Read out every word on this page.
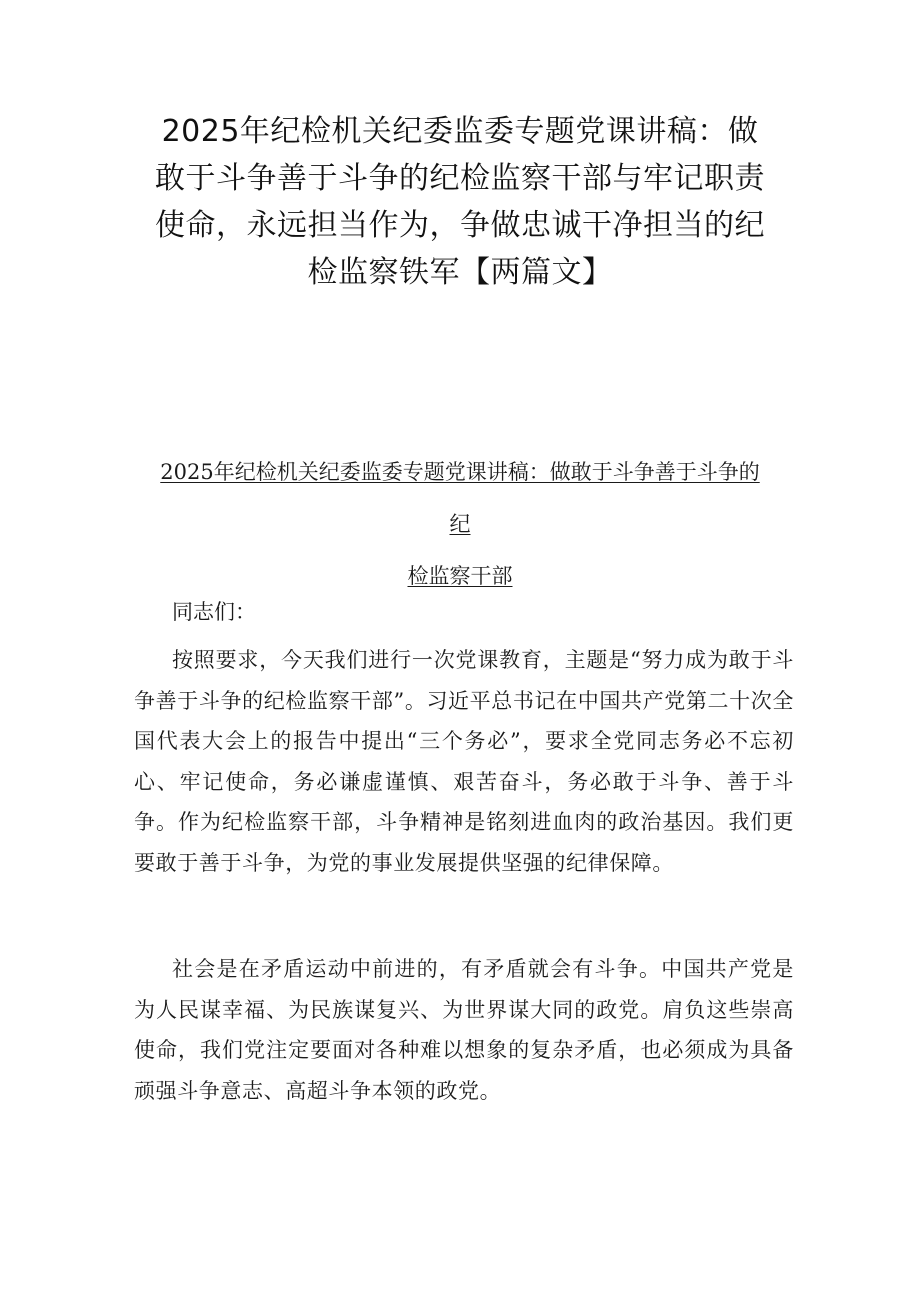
2025年纪检机关纪委监委专题党课讲稿：做敢于斗争善于斗争的纪检监察干部与牢记职责使命，永远担当作为，争做忠诚干净担当的纪检监察铁军【两篇文】
2025年纪检机关纪委监委专题党课讲稿：做敢于斗争善于斗争的
纪
检监察干部

同志们：

按照要求，今天我们进行一次党课教育，主题是“努力成为敢于斗争善于斗争的纪检监察干部”。习近平总书记在中国共产党第二十次全国代表大会上的报告中提出“三个务必”，要求全党同志务必不忘初心、牢记使命，务必谦虚谨慎、艰苦奋斗，务必敢于斗争、善于斗争。作为纪检监察干部，斗争精神是铭刻进血肉的政治基因。我们更要敢于善于斗争，为党的事业发展提供坚强的纪律保障。

社会是在矛盾运动中前进的，有矛盾就会有斗争。中国共产党是为人民谋幸福、为民族谋复兴、为世界谋大同的政党。肩负这些崇高使命，我们党注定要面对各种难以想象的复杂矛盾，也必须成为具备顽强斗争意志、高超斗争本领的政党。
